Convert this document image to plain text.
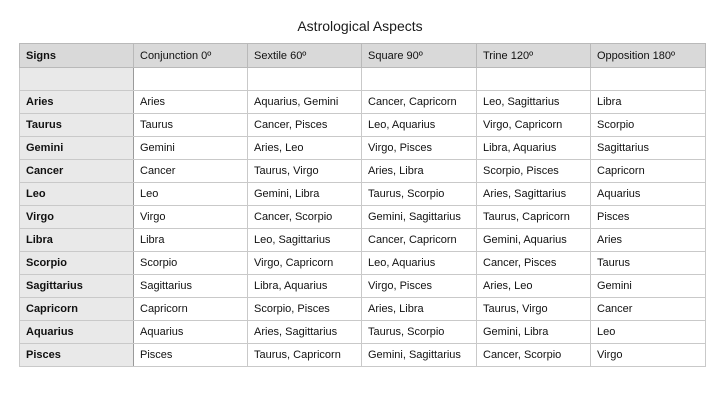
Astrological Aspects
Signs	Conjunction 0º	Sextile 60º	Square 90º	Trine 120º	Opposition 180º

Aries	Aries	Aquarius, Gemini	Cancer, Capricorn	Leo, Sagittarius	Libra
Taurus	Taurus	Cancer, Pisces	Leo, Aquarius	Virgo, Capricorn	Scorpio
Gemini	Gemini	Aries, Leo	Virgo, Pisces	Libra, Aquarius	Sagittarius
Cancer	Cancer	Taurus, Virgo	Aries, Libra	Scorpio, Pisces	Capricorn
Leo	Leo	Gemini, Libra	Taurus, Scorpio	Aries, Sagittarius	Aquarius
Virgo	Virgo	Cancer, Scorpio	Gemini, Sagittarius	Taurus, Capricorn	Pisces
Libra	Libra	Leo, Sagittarius	Cancer, Capricorn	Gemini, Aquarius	Aries
Scorpio	Scorpio	Virgo, Capricorn	Leo, Aquarius	Cancer, Pisces	Taurus
Sagittarius	Sagittarius	Libra, Aquarius	Virgo, Pisces	Aries, Leo	Gemini
Capricorn	Capricorn	Scorpio, Pisces	Aries, Libra	Taurus, Virgo	Cancer
Aquarius	Aquarius	Aries, Sagittarius	Taurus, Scorpio	Gemini, Libra	Leo
Pisces	Pisces	Taurus, Capricorn	Gemini, Sagittarius	Cancer, Scorpio	Virgo
